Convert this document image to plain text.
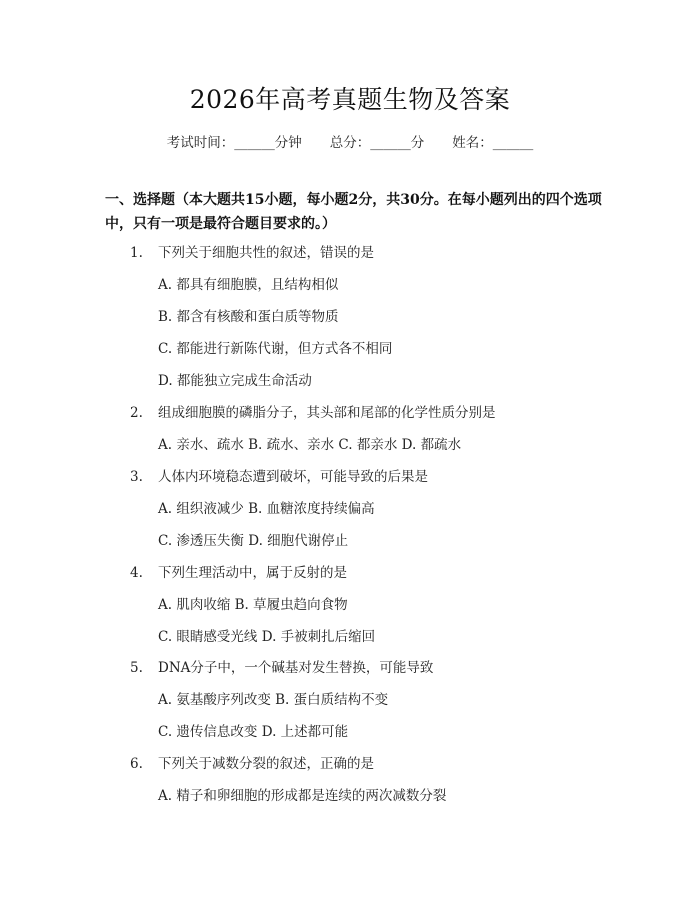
2026年高考真题生物及答案
考试时间：______分钟 总分：______分 姓名：______
一、选择题（本大题共15小题，每小题2分，共30分。在每小题列出的四个选项中，只有一项是最符合题目要求的。）
1. 下列关于细胞共性的叙述，错误的是
A. 都具有细胞膜，且结构相似
B. 都含有核酸和蛋白质等物质
C. 都能进行新陈代谢，但方式各不相同
D. 都能独立完成生命活动
2. 组成细胞膜的磷脂分子，其头部和尾部的化学性质分别是
A. 亲水、疏水 B. 疏水、亲水 C. 都亲水 D. 都疏水
3. 人体内环境稳态遭到破坏，可能导致的后果是
A. 组织液减少 B. 血糖浓度持续偏高
C. 渗透压失衡 D. 细胞代谢停止
4. 下列生理活动中，属于反射的是
A. 肌肉收缩 B. 草履虫趋向食物
C. 眼睛感受光线 D. 手被刺扎后缩回
5. DNA分子中，一个碱基对发生替换，可能导致
A. 氨基酸序列改变 B. 蛋白质结构不变
C. 遗传信息改变 D. 上述都可能
6. 下列关于减数分裂的叙述，正确的是
A. 精子和卵细胞的形成都是连续的两次减数分裂
